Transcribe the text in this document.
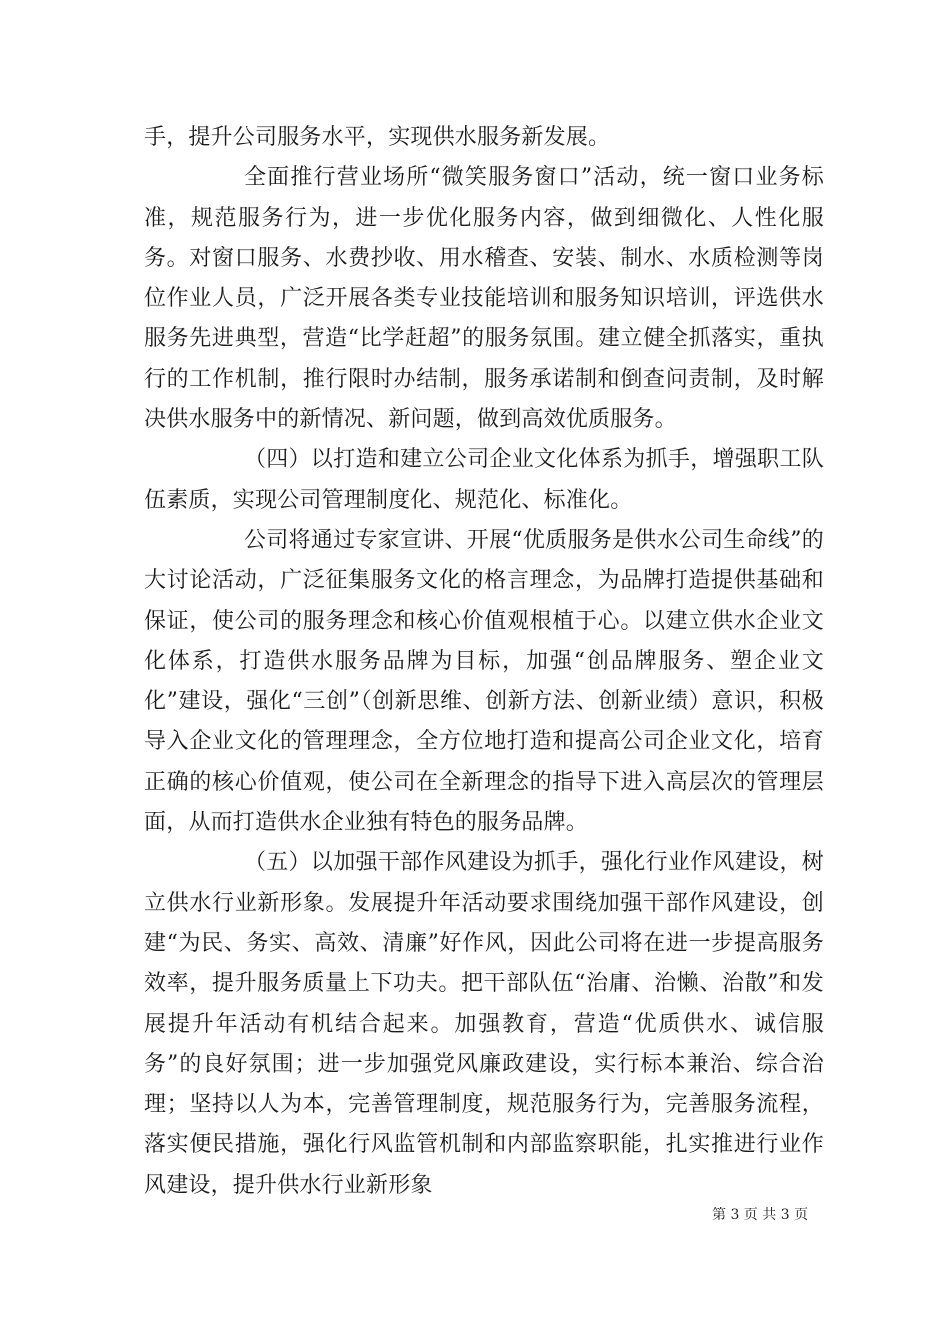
手，提升公司服务水平，实现供水服务新发展。

全面推行营业场所“微笑服务窗口”活动，统一窗口业务标准，规范服务行为，进一步优化服务内容，做到细微化、人性化服务。对窗口服务、水费抄收、用水稽查、安装、制水、水质检测等岗位作业人员，广泛开展各类专业技能培训和服务知识培训，评选供水服务先进典型，营造“比学赶超”的服务氛围。建立健全抓落实，重执行的工作机制，推行限时办结制，服务承诺制和倒查问责制，及时解决供水服务中的新情况、新问题，做到高效优质服务。

（四）以打造和建立公司企业文化体系为抓手，增强职工队伍素质，实现公司管理制度化、规范化、标准化。

公司将通过专家宣讲、开展“优质服务是供水公司生命线”的大讨论活动，广泛征集服务文化的格言理念，为品牌打造提供基础和保证，使公司的服务理念和核心价值观根植于心。以建立供水企业文化体系，打造供水服务品牌为目标，加强“创品牌服务、塑企业文化”建设，强化“三创”（创新思维、创新方法、创新业绩）意识，积极导入企业文化的管理理念，全方位地打造和提高公司企业文化，培育正确的核心价值观，使公司在全新理念的指导下进入高层次的管理层面，从而打造供水企业独有特色的服务品牌。

（五）以加强干部作风建设为抓手，强化行业作风建设，树立供水行业新形象。发展提升年活动要求围绕加强干部作风建设，创建“为民、务实、高效、清廉”好作风，因此公司将在进一步提高服务效率，提升服务质量上下功夫。把干部队伍“治庸、治懒、治散”和发展提升年活动有机结合起来。加强教育，营造“优质供水、诚信服务”的良好氛围；进一步加强党风廉政建设，实行标本兼治、综合治理；坚持以人为本，完善管理制度，规范服务行为，完善服务流程，落实便民措施，强化行风监管机制和内部监察职能，扎实推进行业作风建设，提升供水行业新形象

第 3 页 共 3 页
